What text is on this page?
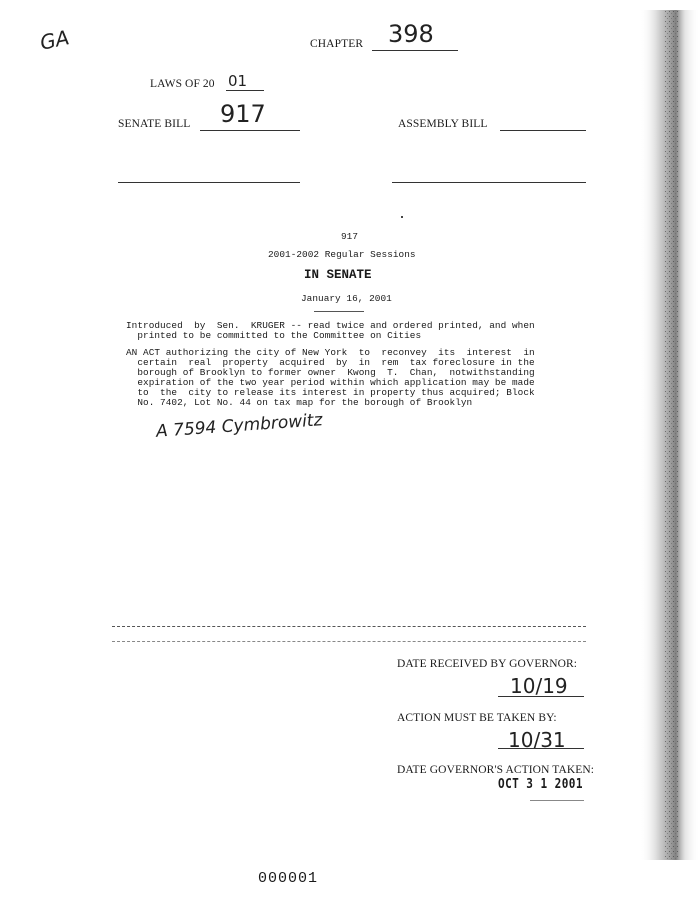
GA	CHAPTER 398
LAWS OF 20 01
SENATE BILL 917	ASSEMBLY BILL
917
2001-2002 Regular Sessions
IN SENATE
January 16, 2001
Introduced  by  Sen.  KRUGER -- read twice and ordered printed, and when
printed to be committed to the Committee on Cities
AN ACT authorizing the city of New York  to  reconvey  its  interest  in
certain  real  property  acquired  by  in  rem  tax foreclosure in the
borough of Brooklyn to former owner  Kwong  T.  Chan,  notwithstanding
expiration of the two year period within which application may be made
to  the  city to release its interest in property thus acquired; Block
No. 7402, Lot No. 44 on tax map for the borough of Brooklyn
A 7594 Cymbrowitz
DATE RECEIVED BY GOVERNOR:
10/19
ACTION MUST BE TAKEN BY:
10/31
DATE GOVERNOR'S ACTION TAKEN:
OCT 3 1 2001
000001
